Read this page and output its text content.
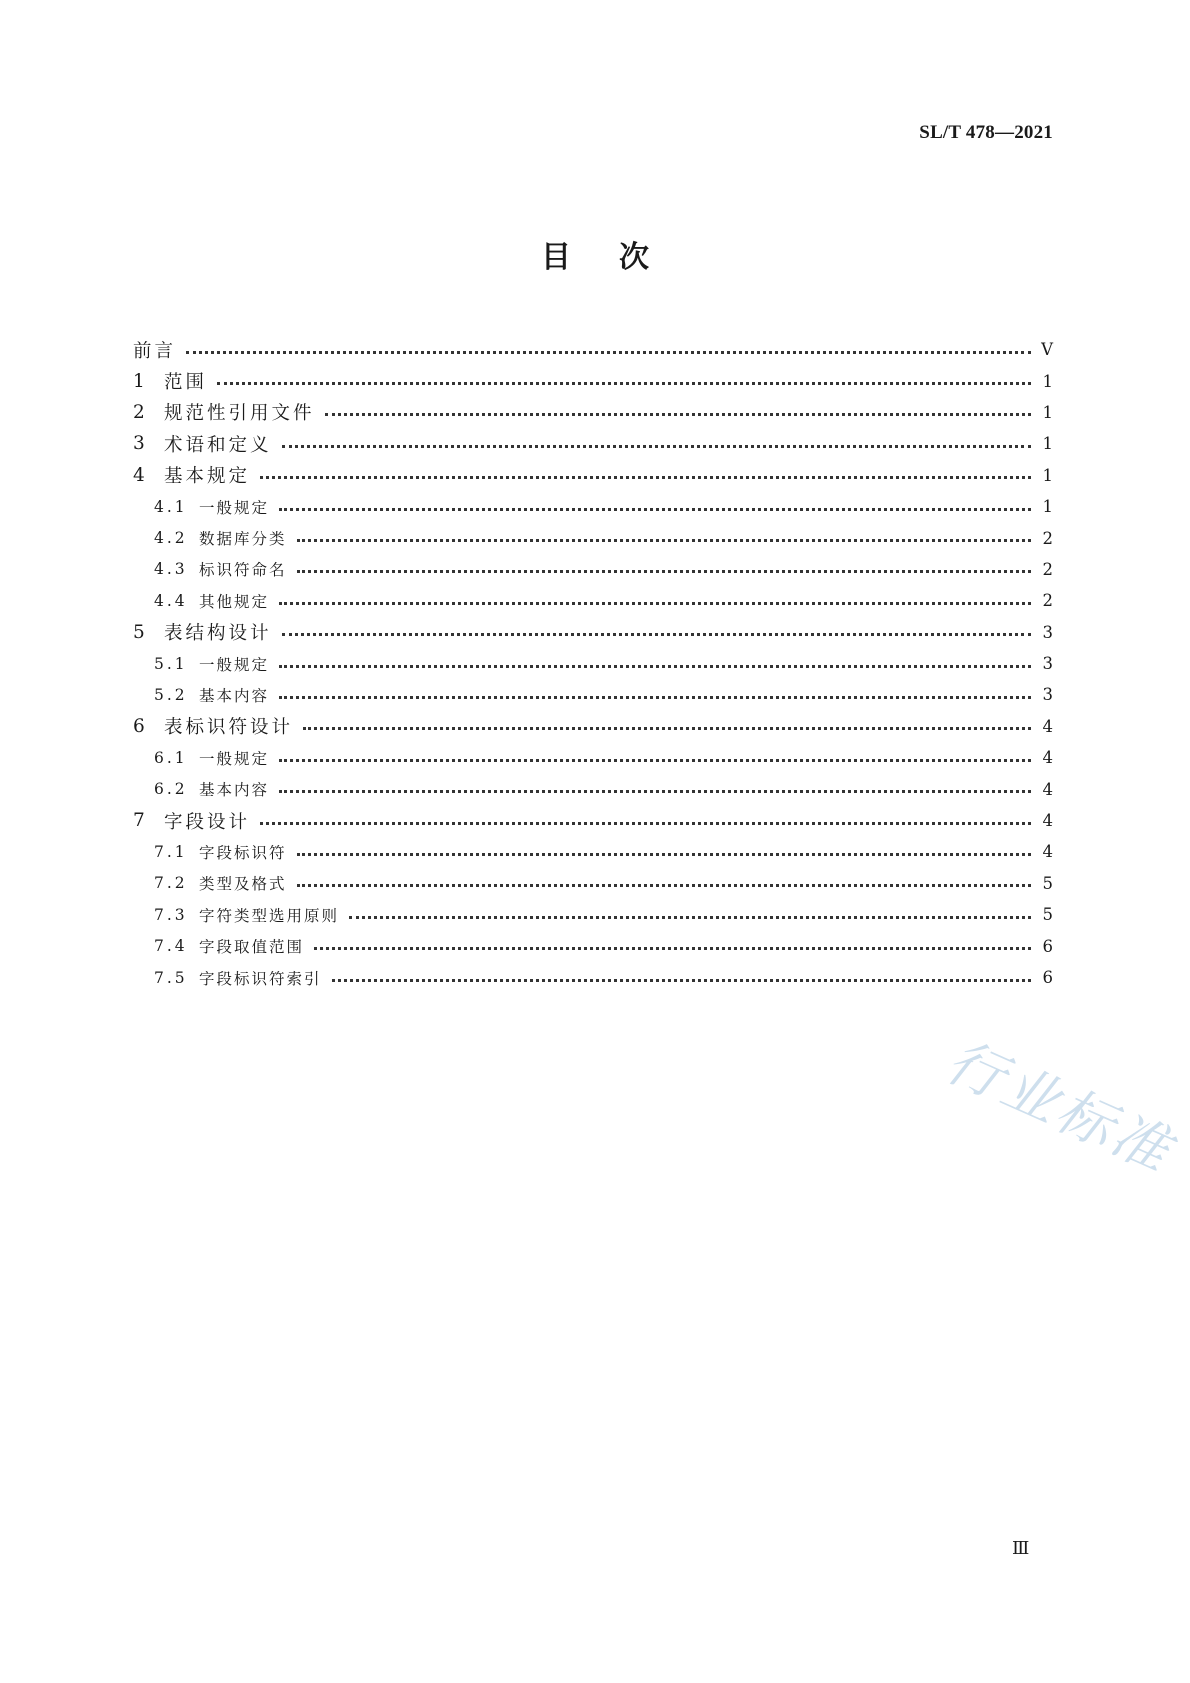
SL/T 478—2021
目次
前言	Ⅴ
1	范围	1
2	规范性引用文件	1
3	术语和定义	1
4	基本规定	1
4.1 一般规定	1
4.2 数据库分类	2
4.3 标识符命名	2
4.4 其他规定	2
5	表结构设计	3
5.1 一般规定	3
5.2 基本内容	3
6	表标识符设计	4
6.1 一般规定	4
6.2 基本内容	4
7	字段设计	4
7.1 字段标识符	4
7.2 类型及格式	5
7.3 字符类型选用原则	5
7.4 字段取值范围	6
7.5 字段标识符索引	6
Ⅲ
行业标准
